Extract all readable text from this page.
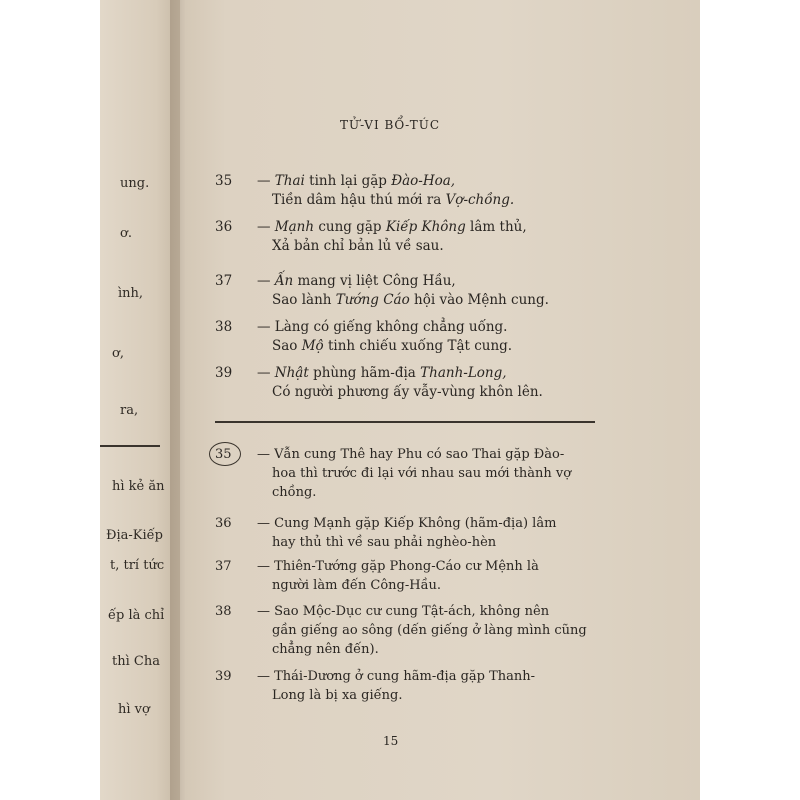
ung.
ơ.
ình,
ơ,
ra,
hì kẻ ăn
Địa-Kiếp
t, trí tức
ếp là chỉ
thì Cha
hì vợ
TỬ-VI BỔ-TÚC
35 — Thai tinh lại gặp Đào-Hoa,
Tiền dâm hậu thú mới ra Vợ-chồng.
36 — Mạnh cung gặp Kiếp Không lâm thủ,
Xả bản chỉ bản lủ về sau.
37 — Ấn mang vị liệt Công Hầu,
Sao lành Tướng Cáo hội vào Mệnh cung.
38 — Làng có giếng không chẳng uống.
Sao Mộ tinh chiếu xuống Tật cung.
39 — Nhật phùng hãm-địa Thanh-Long,
Có người phương ấy vẫy-vùng khôn lên.
35 — Vẫn cung Thê hay Phu có sao Thai gặp Đào-
hoa thì trước đi lại với nhau sau mới thành vợ
chồng.
36 — Cung Mạnh gặp Kiếp Không (hãm-địa) lâm
hay thủ thì về sau phải nghèo-hèn
37 — Thiên-Tướng gặp Phong-Cáo cư Mệnh là
người làm đến Công-Hầu.
38 — Sao Mộc-Dục cư cung Tật-ách, không nên
gần giếng ao sông (dến giếng ở làng mình cũng
chẳng nên đến).
39 — Thái-Dương ở cung hãm-địa gặp Thanh-
Long là bị xa giếng.
15
